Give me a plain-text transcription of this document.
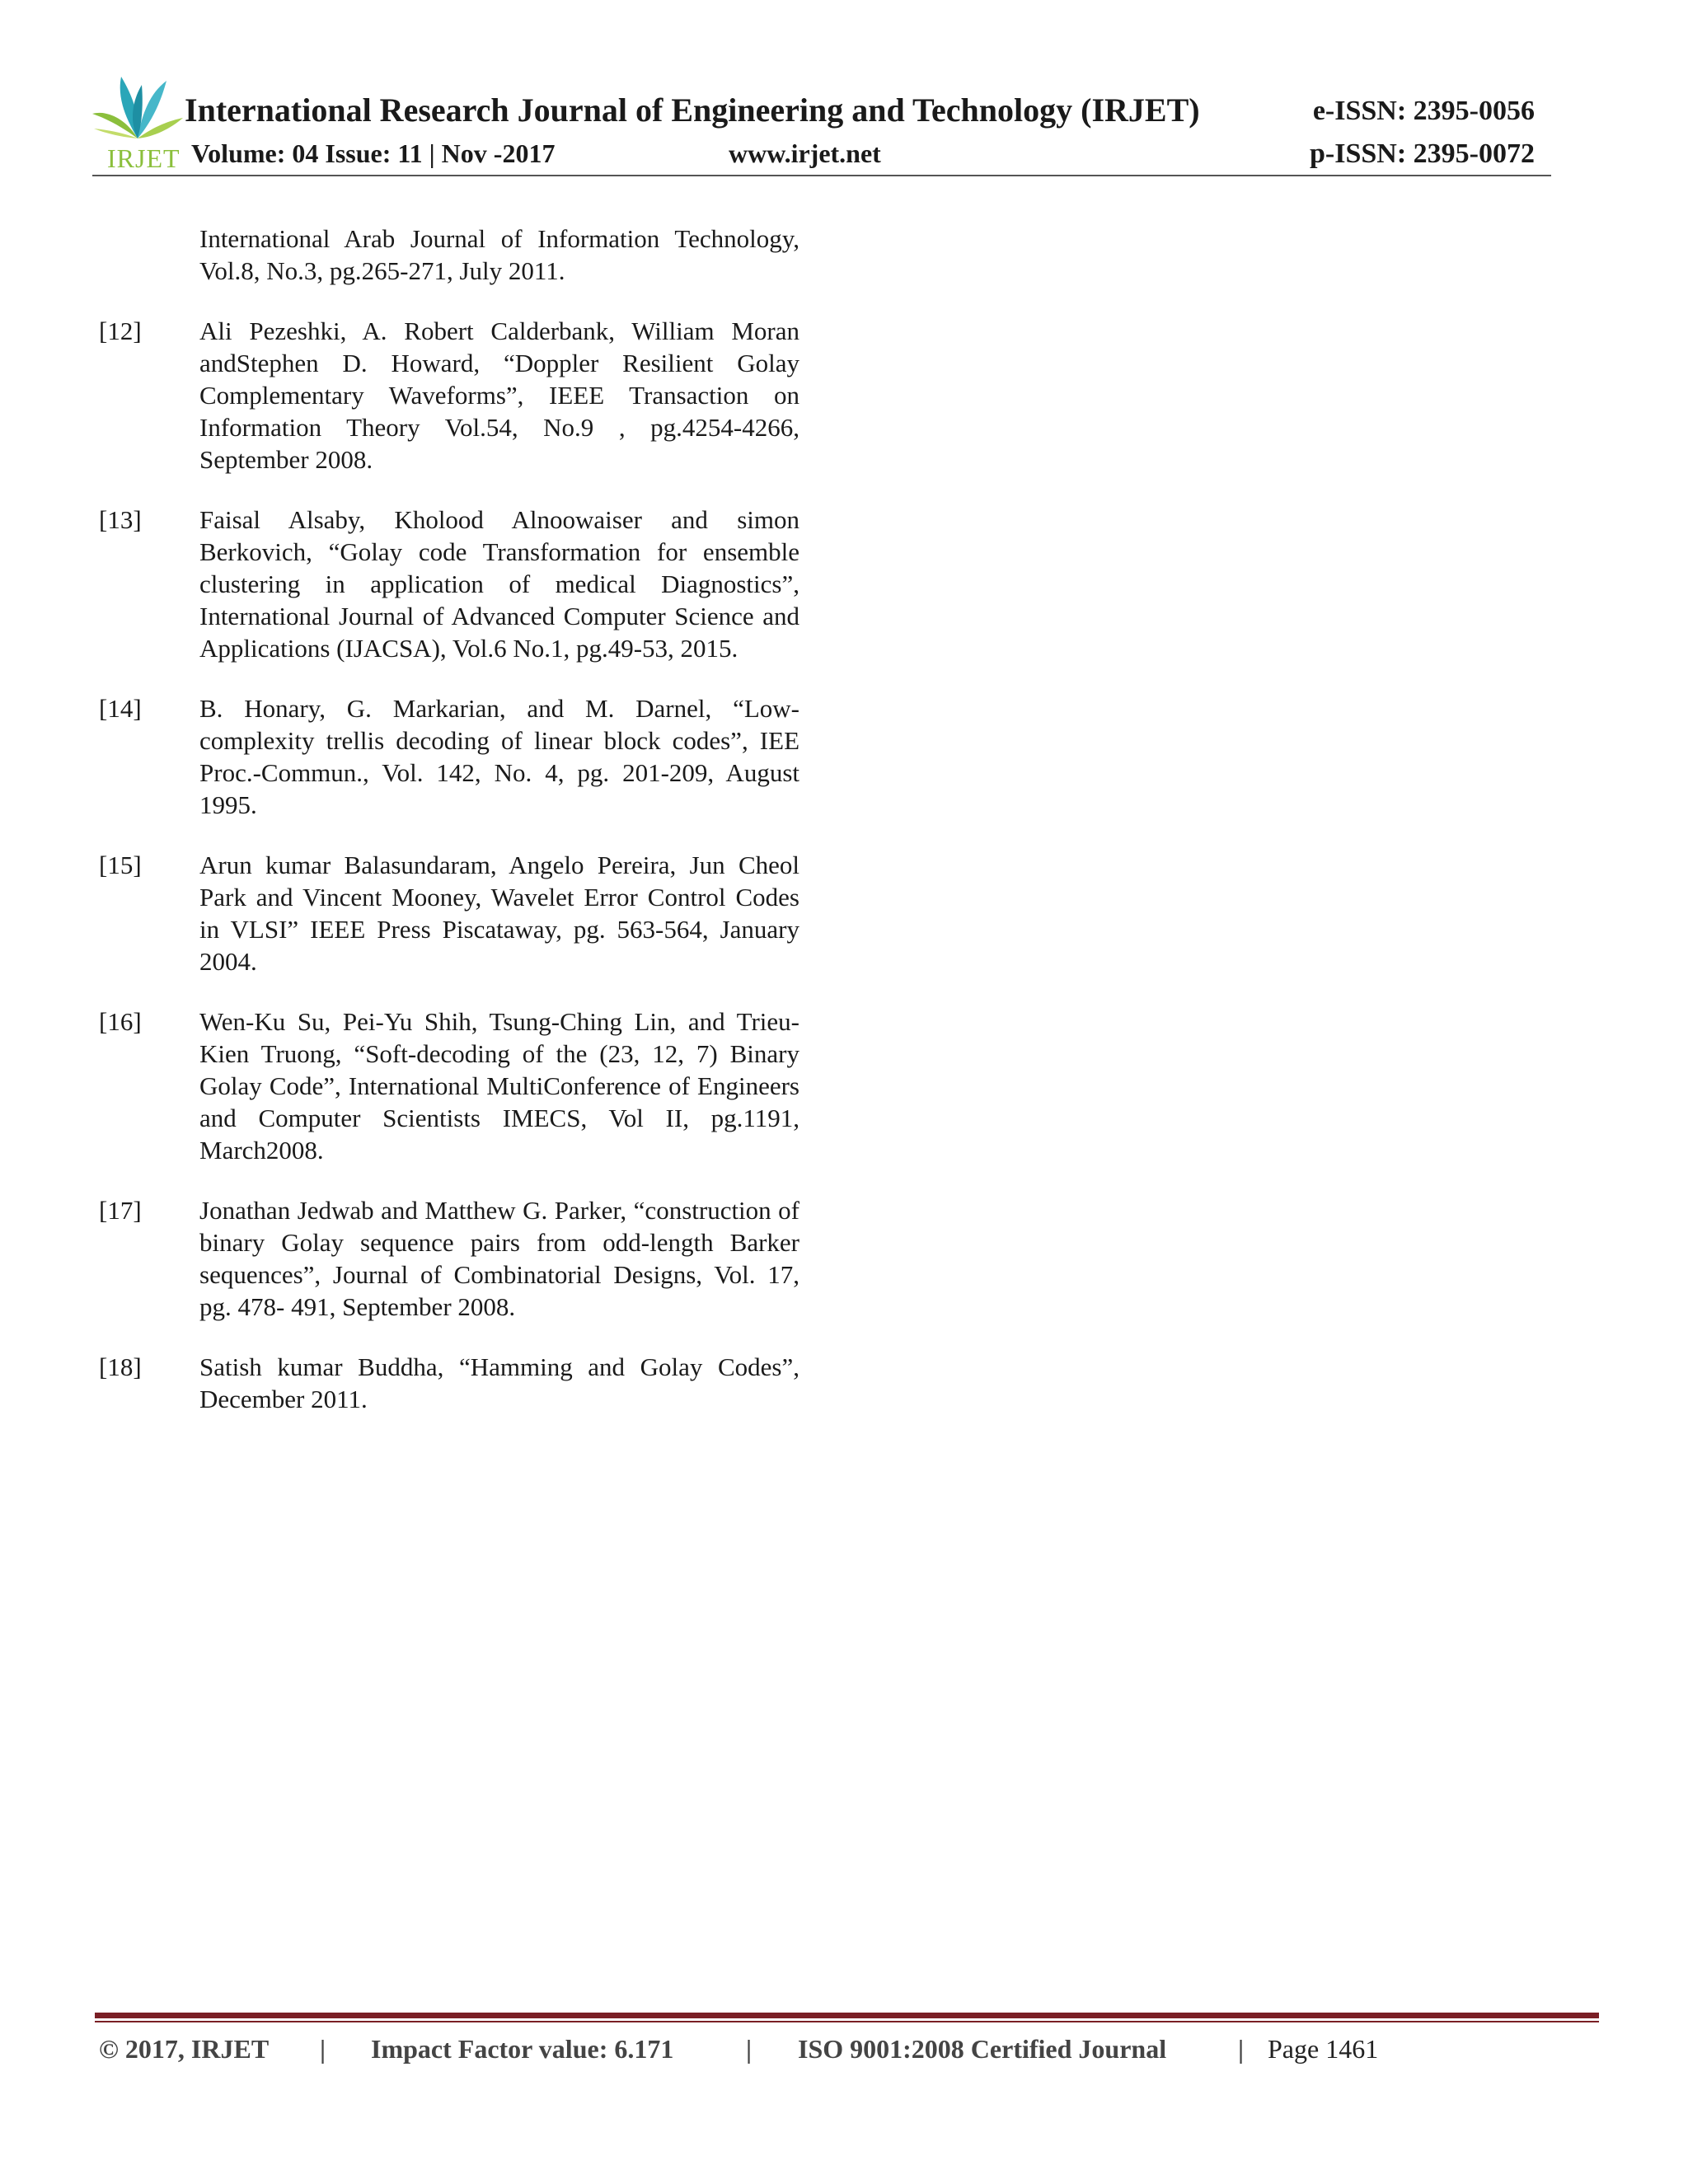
IRJET
International Research Journal of Engineering and Technology (IRJET)	e-ISSN: 2395-0056
Volume: 04 Issue: 11 | Nov -2017	www.irjet.net	p-ISSN: 2395-0072
International Arab Journal of Information Technology, Vol.8, No.3, pg.265-271, July 2011.
[12] Ali Pezeshki, A. Robert Calderbank, William Moran andStephen D. Howard, “Doppler Resilient Golay Complementary Waveforms”, IEEE Transaction on Information Theory Vol.54, No.9 , pg.4254-4266, September 2008.
[13] Faisal Alsaby, Kholood Alnoowaiser and simon Berkovich, “Golay code Transformation for ensemble clustering in application of medical Diagnostics”, International Journal of Advanced Computer Science and Applications (IJACSA), Vol.6 No.1, pg.49-53, 2015.
[14] B. Honary, G. Markarian, and M. Darnel, “Low-complexity trellis decoding of linear block codes”, IEE Proc.-Commun., Vol. 142, No. 4, pg. 201-209, August 1995.
[15] Arun kumar Balasundaram, Angelo Pereira, Jun Cheol Park and Vincent Mooney, Wavelet Error Control Codes in VLSI” IEEE Press Piscataway, pg. 563-564, January 2004.
[16] Wen-Ku Su, Pei-Yu Shih, Tsung-Ching Lin, and Trieu-Kien Truong, “Soft-decoding of the (23, 12, 7) Binary Golay Code”, International MultiConference of Engineers and Computer Scientists IMECS, Vol II, pg.1191, March2008.
[17] Jonathan Jedwab and Matthew G. Parker, “construction of binary Golay sequence pairs from odd-length Barker sequences”, Journal of Combinatorial Designs, Vol. 17, pg. 478- 491, September 2008.
[18] Satish kumar Buddha, “Hamming and Golay Codes”, December 2011.
© 2017, IRJET | Impact Factor value: 6.171	| ISO 9001:2008 Certified Journal	| Page 1461
